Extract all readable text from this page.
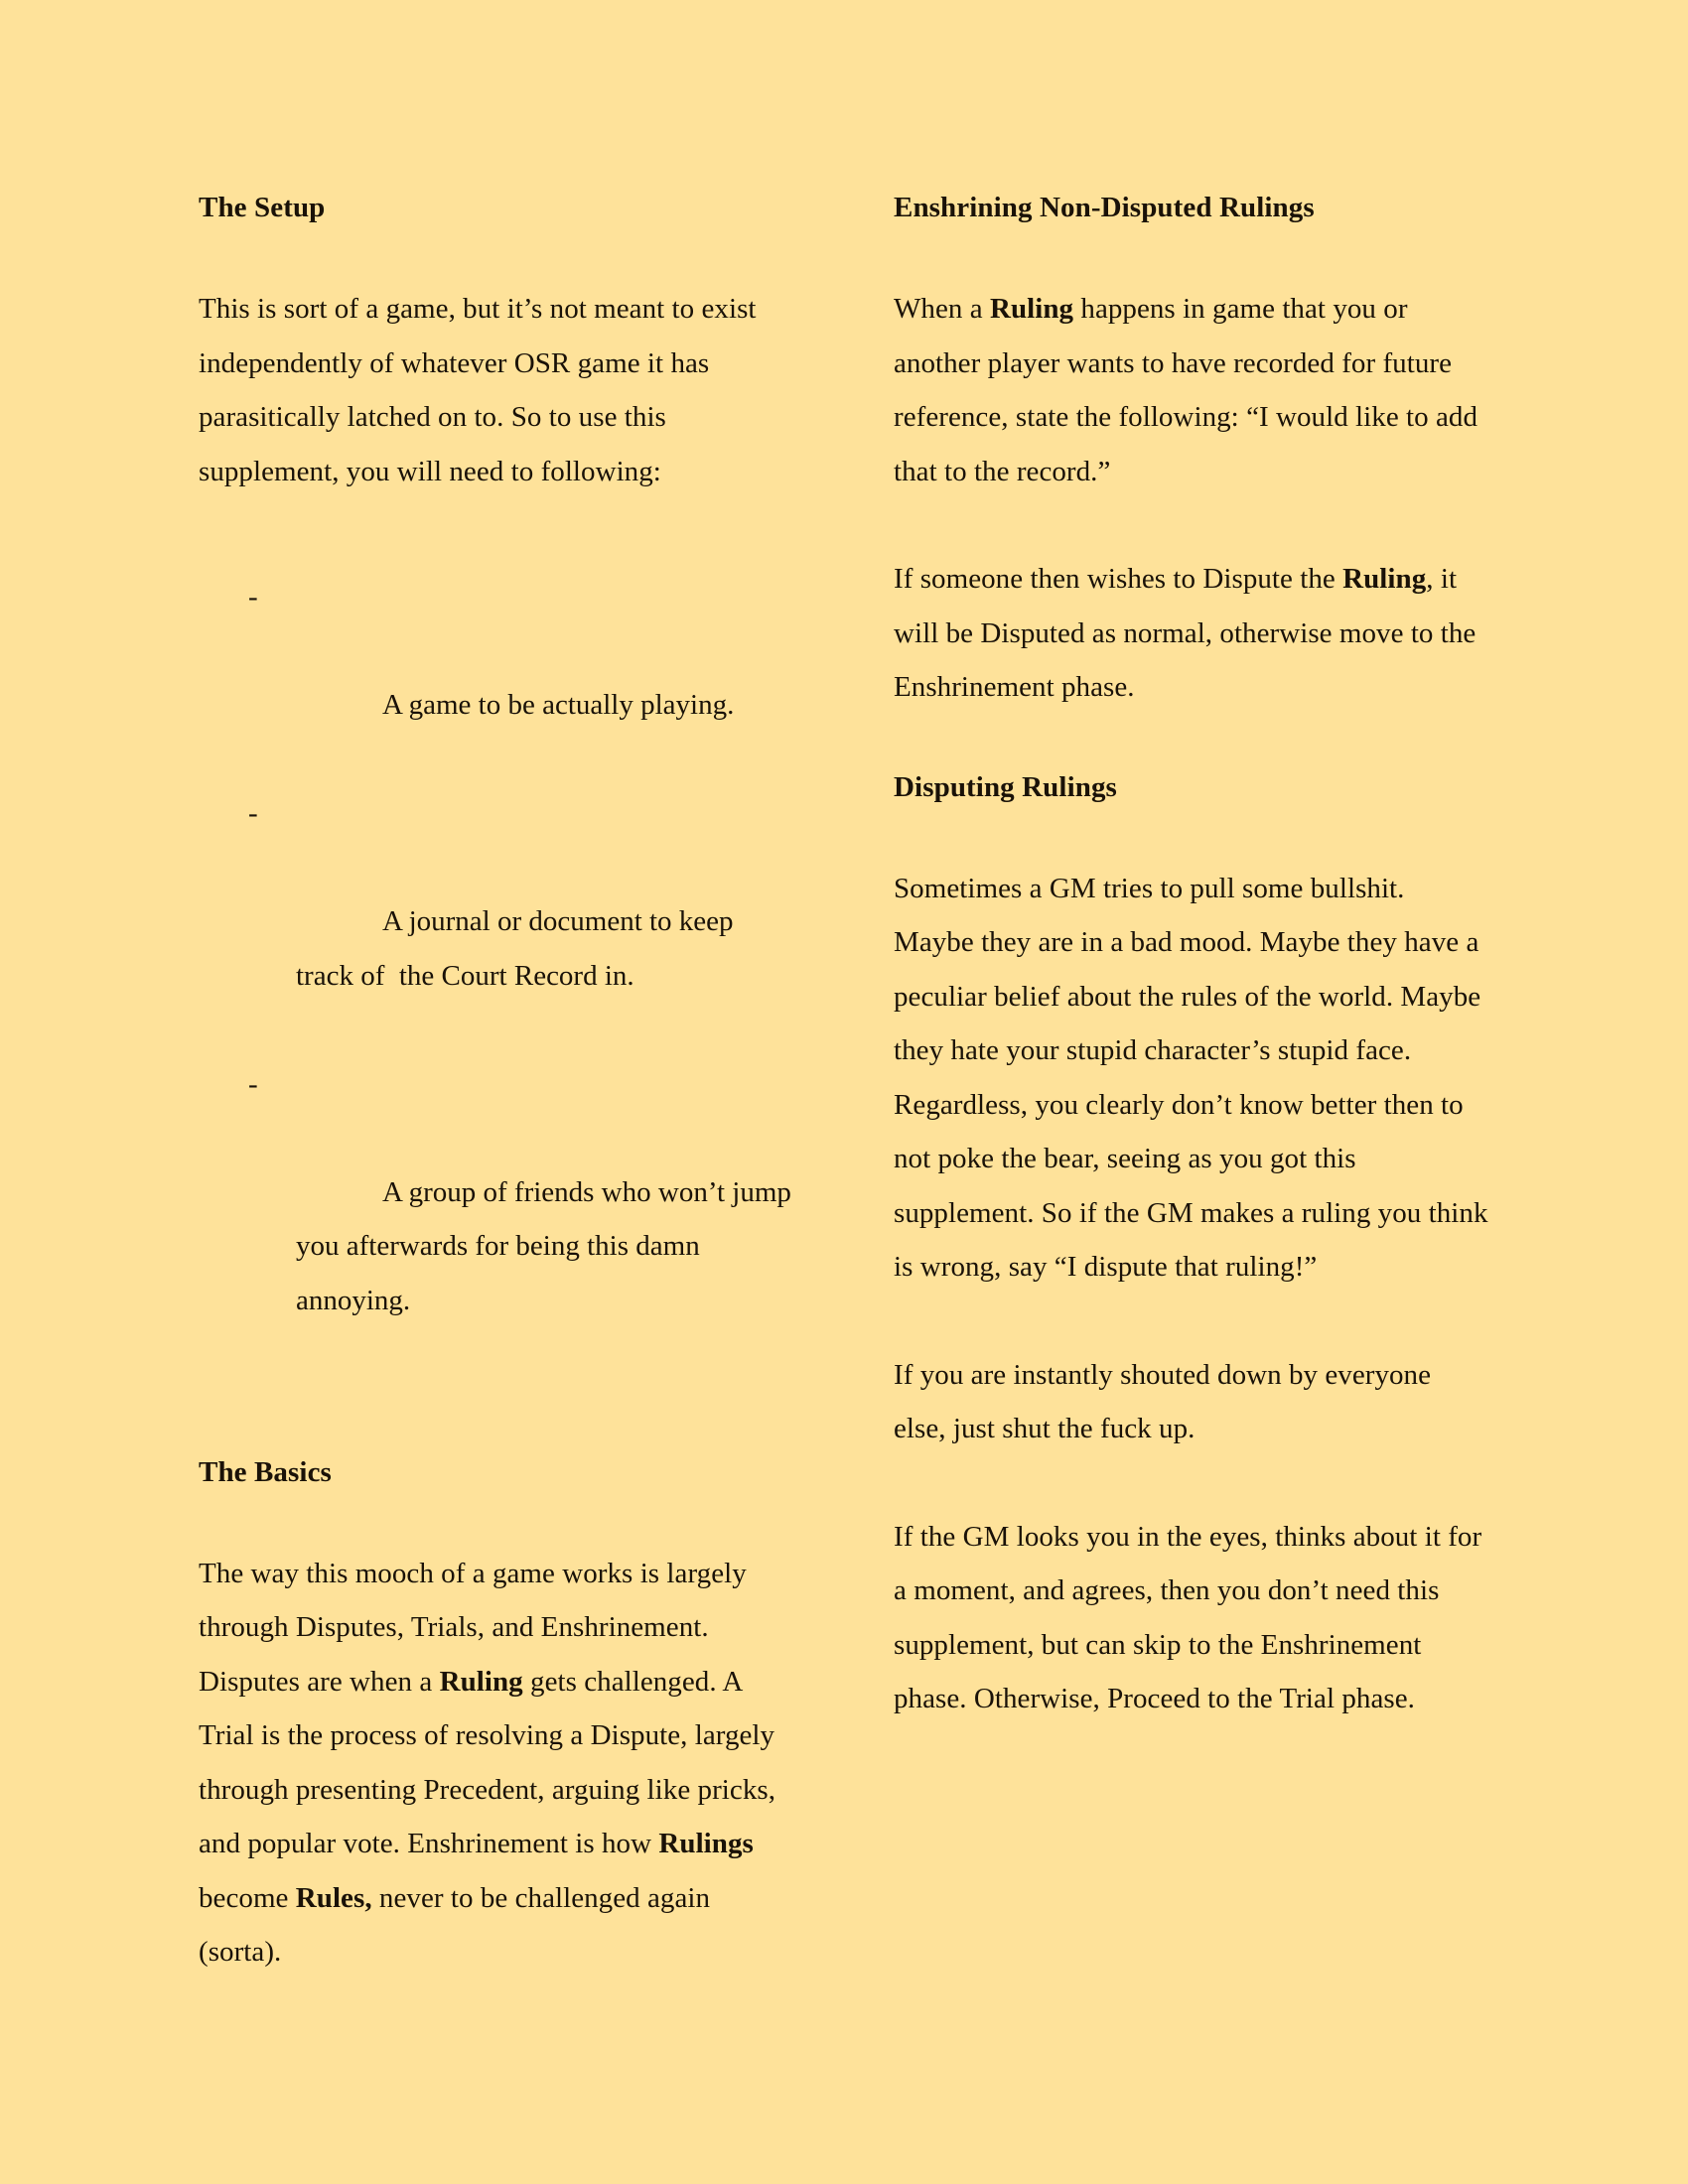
The Setup

This is sort of a game, but it’s not meant to exist independently of whatever OSR game it has parasitically latched on to. So to use this supplement, you will need to following:

-

A game to be actually playing.

-

A journal or document to keep track of  the Court Record in.

-

A group of friends who won’t jump you afterwards for being this damn annoying.

The Basics

The way this mooch of a game works is largely through Disputes, Trials, and Enshrinement. Disputes are when a Ruling gets challenged. A Trial is the process of resolving a Dispute, largely through presenting Precedent, arguing like pricks, and popular vote. Enshrinement is how Rulings become Rules, never to be challenged again (sorta).

Enshrining Non-Disputed Rulings

When a Ruling happens in game that you or another player wants to have recorded for future reference, state the following: “I would like to add that to the record.”

If someone then wishes to Dispute the Ruling, it will be Disputed as normal, otherwise move to the Enshrinement phase.

Disputing Rulings

Sometimes a GM tries to pull some bullshit. Maybe they are in a bad mood. Maybe they have a peculiar belief about the rules of the world. Maybe they hate your stupid character’s stupid face. Regardless, you clearly don’t know better then to not poke the bear, seeing as you got this supplement. So if the GM makes a ruling you think is wrong, say “I dispute that ruling!”

If you are instantly shouted down by everyone else, just shut the fuck up.

If the GM looks you in the eyes, thinks about it for a moment, and agrees, then you don’t need this supplement, but can skip to the Enshrinement phase. Otherwise, Proceed to the Trial phase.
